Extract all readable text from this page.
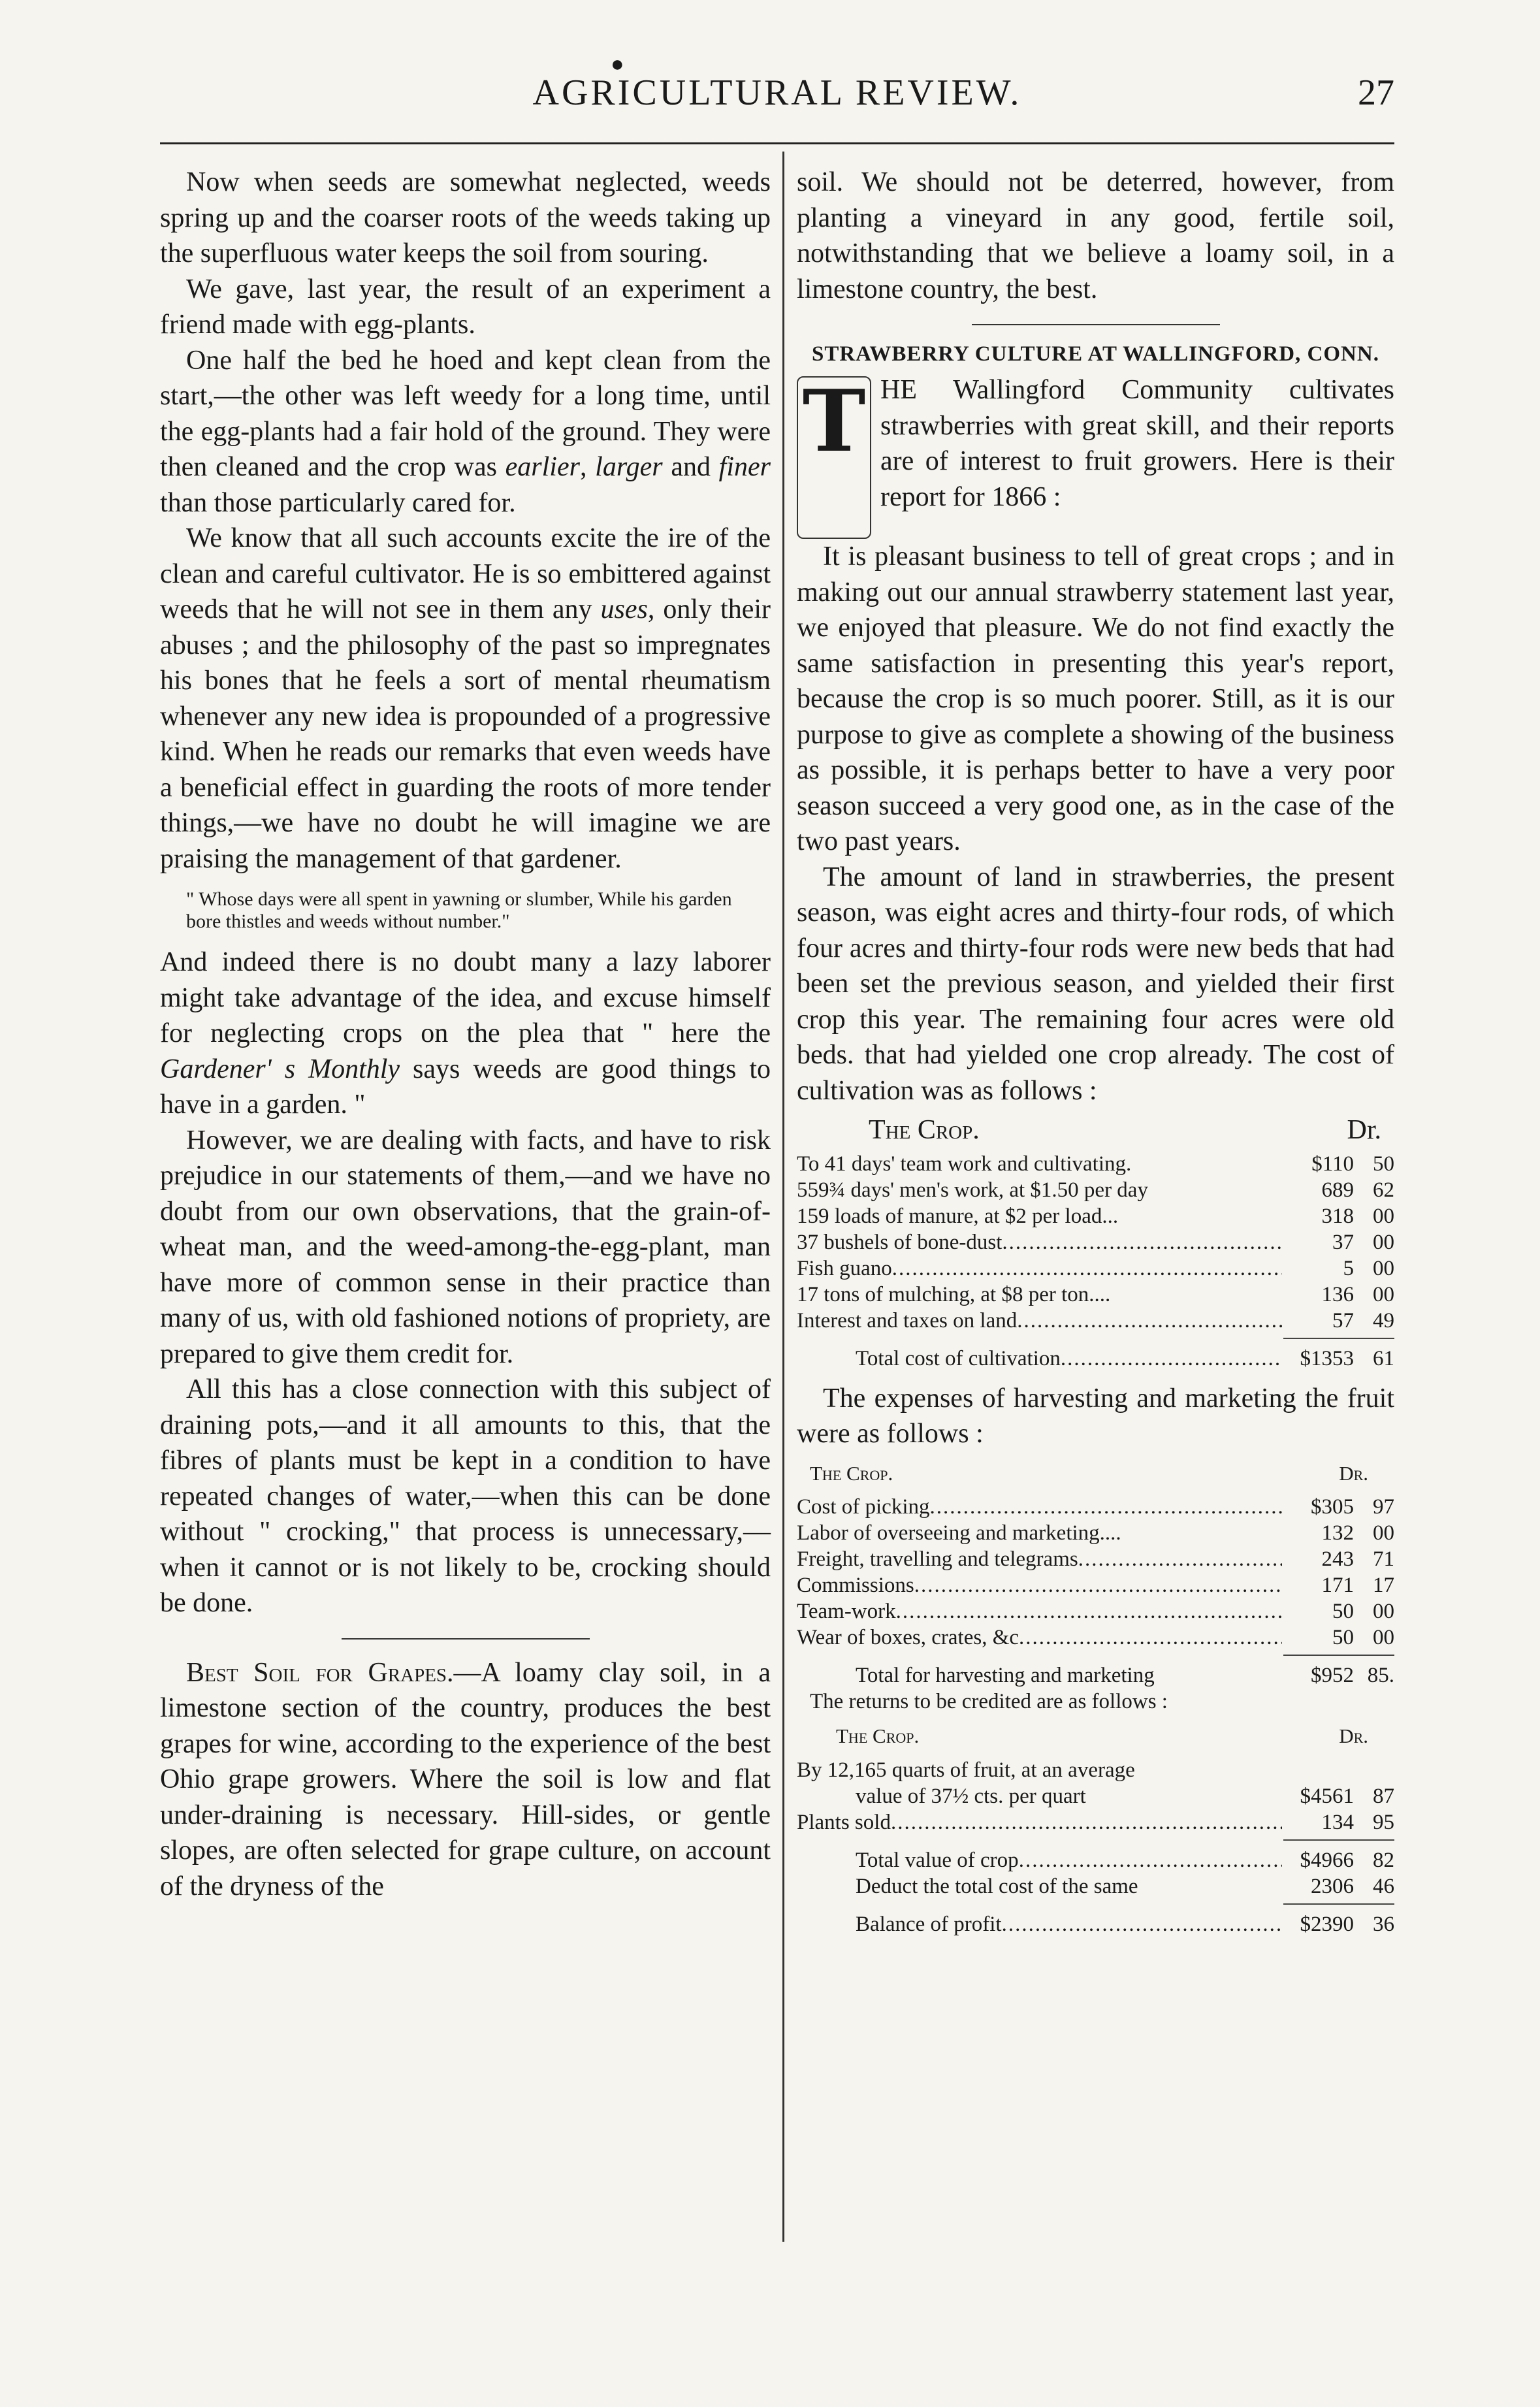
●
AGRICULTURAL REVIEW.	27

Now when seeds are somewhat neglected, weeds spring up and the coarser roots of the weeds taking up the superfluous water keeps the soil from souring.

We gave, last year, the result of an experiment a friend made with egg-plants.

One half the bed he hoed and kept clean from the start,—the other was left weedy for a long time, until the egg-plants had a fair hold of the ground. They were then cleaned and the crop was earlier, larger and finer than those particularly cared for.

We know that all such accounts excite the ire of the clean and careful cultivator. He is so embittered against weeds that he will not see in them any uses, only their abuses ; and the philosophy of the past so impregnates his bones that he feels a sort of mental rheumatism whenever any new idea is propounded of a progressive kind. When he reads our remarks that even weeds have a beneficial effect in guarding the roots of more tender things,—we have no doubt he will imagine we are praising the management of that gardener.

" Whose days were all spent in yawning or slumber, While his garden bore thistles and weeds without number."

And indeed there is no doubt many a lazy laborer might take advantage of the idea, and excuse himself for neglecting crops on the plea that " here the Gardener' s Monthly says weeds are good things to have in a garden. "

However, we are dealing with facts, and have to risk prejudice in our statements of them,—and we have no doubt from our own observations, that the grain-of-wheat man, and the weed-among-the-egg-plant, man have more of common sense in their practice than many of us, with old fashioned notions of propriety, are prepared to give them credit for.

All this has a close connection with this subject of draining pots,—and it all amounts to this, that the fibres of plants must be kept in a condition to have repeated changes of water,—when this can be done without " crocking," that process is unnecessary,— when it cannot or is not likely to be, crocking should be done.

Best Soil for Grapes.—A loamy clay soil, in a limestone section of the country, produces the best grapes for wine, according to the experience of the best Ohio grape growers. Where the soil is low and flat under-draining is necessary. Hill-sides, or gentle slopes, are often selected for grape culture, on account of the dryness of the

soil. We should not be deterred, however, from planting a vineyard in any good, fertile soil, notwithstanding that we believe a loamy soil, in a limestone country, the best.

STRAWBERRY CULTURE AT WALLINGFORD, CONN.
T HE Wallingford Community cultivates strawberries with great skill, and their reports are of interest to fruit growers. Here is their report for 1866 :

It is pleasant business to tell of great crops ; and in making out our annual strawberry statement last year, we enjoyed that pleasure. We do not find exactly the same satisfaction in presenting this year's report, because the crop is so much poorer. Still, as it is our purpose to give as complete a showing of the business as possible, it is perhaps better to have a very poor season succeed a very good one, as in the case of the two past years.

The amount of land in strawberries, the present season, was eight acres and thirty-four rods, of which four acres and thirty-four rods were new beds that had been set the previous season, and yielded their first crop this year. The remaining four acres were old beds. that had yielded one crop already. The cost of cultivation was as follows :

The Crop.	Dr.
To 41 days' team work and cultivating.	$110 50
559¾ days' men's work, at $1.50 per day	689 62
159 loads of manure, at $2 per load...	318 00
37 bushels of bone-dust .....	37 00
Fish guano .....	5 00
17 tons of mulching, at $8 per ton....	136 00
Interest and taxes on land .....	57 49
Total cost of cultivation .....	$1353 61

The expenses of harvesting and marketing the fruit were as follows :

The Crop.	Dr.
Cost of picking .....	$305 97
Labor of overseeing and marketing....	132 00
Freight, travelling and telegrams .....	243 71
Commissions .....	171 17
Team-work .....	50 00
Wear of boxes, crates, &c .....	50 00
Total for harvesting and marketing	$952 85.
The returns to be credited are as follows :
The Crop.	Dr.
By 12,165 quarts of fruit, at an average
value of 37½ cts. per quart	$4561 87
Plants sold .....	134 95
Total value of crop .....	$4966 82
Deduct the total cost of the same	2306 46
Balance of profit .....	$2390 36
